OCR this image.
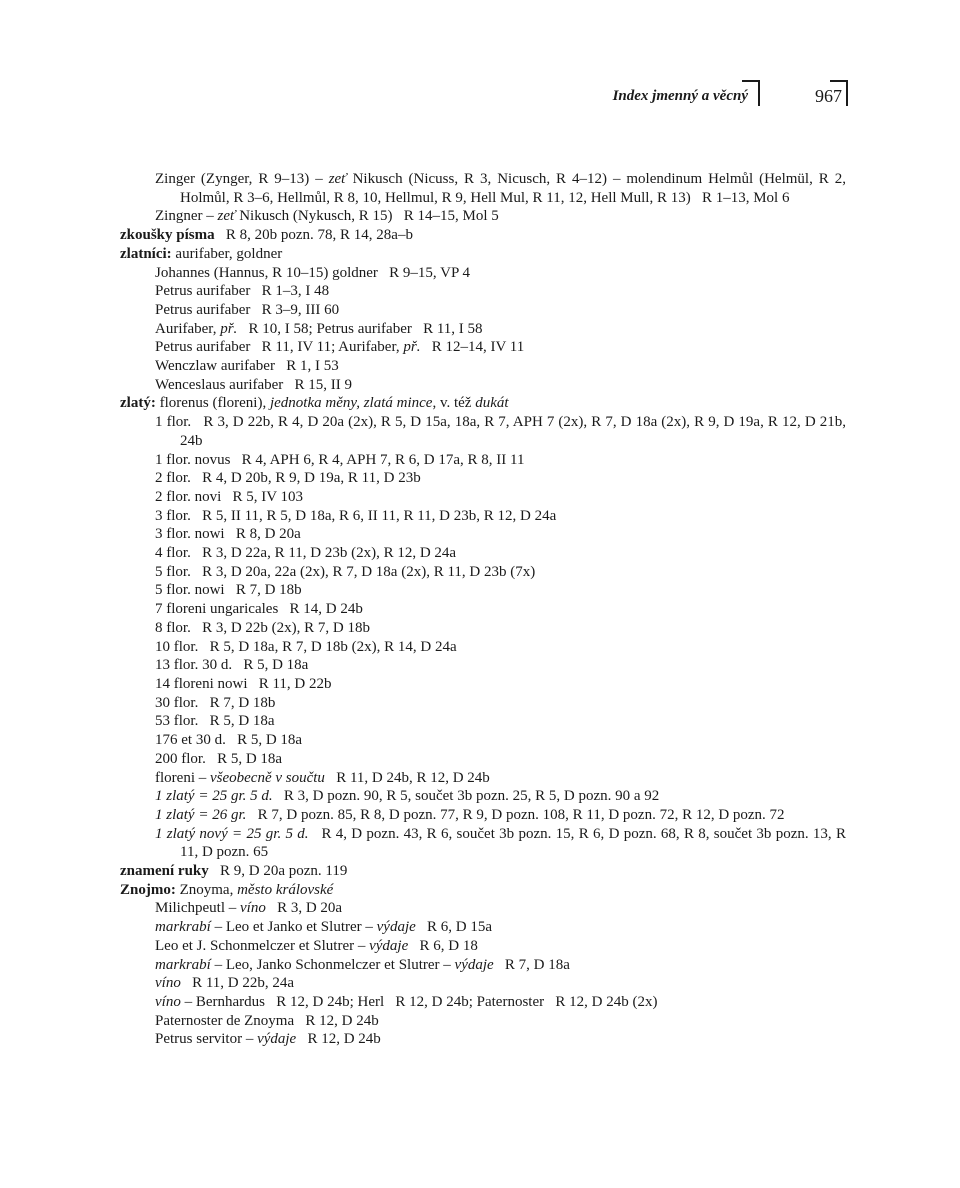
Index jmenný a věcný	967
Zinger (Zynger, R 9–13) – zeť Nikusch (Nicuss, R 3, Nicusch, R 4–12) – molendinum Helmůl (Helmül, R 2, Holmůl, R 3–6, Hellmůl, R 8, 10, Hellmul, R 9, Hell Mul, R 11, 12, Hell Mull, R 13)   R 1–13, Mol 6
Zingner – zeť Nikusch (Nykusch, R 15)   R 14–15, Mol 5
zkoušky písma   R 8, 20b pozn. 78, R 14, 28a–b
zlatníci: aurifaber, goldner
Johannes (Hannus, R 10–15) goldner   R 9–15, VP 4
Petrus aurifaber   R 1–3, I 48
Petrus aurifaber   R 3–9, III 60
Aurifaber, př.   R 10, I 58; Petrus aurifaber   R 11, I 58
Petrus aurifaber   R 11, IV 11; Aurifaber, př.   R 12–14, IV 11
Wenczlaw aurifaber   R 1, I 53
Wenceslaus aurifaber   R 15, II 9
zlatý: florenus (floreni), jednotka měny, zlatá mince, v. též dukát
1 flor.   R 3, D 22b, R 4, D 20a (2x), R 5, D 15a, 18a, R 7, APH 7 (2x), R 7, D 18a (2x), R 9, D 19a, R 12, D 21b, 24b
1 flor. novus   R 4, APH 6, R 4, APH 7, R 6, D 17a, R 8, II 11
2 flor.   R 4, D 20b, R 9, D 19a, R 11, D 23b
2 flor. novi   R 5, IV 103
3 flor.   R 5, II 11, R 5, D 18a, R 6, II 11, R 11, D 23b, R 12, D 24a
3 flor. nowi   R 8, D 20a
4 flor.   R 3, D 22a, R 11, D 23b (2x), R 12, D 24a
5 flor.   R 3, D 20a, 22a (2x), R 7, D 18a (2x), R 11, D 23b (7x)
5 flor. nowi   R 7, D 18b
7 floreni ungaricales   R 14, D 24b
8 flor.   R 3, D 22b (2x), R 7, D 18b
10 flor.   R 5, D 18a, R 7, D 18b (2x), R 14, D 24a
13 flor. 30 d.   R 5, D 18a
14 floreni nowi   R 11, D 22b
30 flor.   R 7, D 18b
53 flor.   R 5, D 18a
176 et 30 d.   R 5, D 18a
200 flor.   R 5, D 18a
floreni – všeobecně v součtu   R 11, D 24b, R 12, D 24b
1 zlatý = 25 gr. 5 d.   R 3, D pozn. 90, R 5, součet 3b pozn. 25, R 5, D pozn. 90 a 92
1 zlatý = 26 gr.   R 7, D pozn. 85, R 8, D pozn. 77, R 9, D pozn. 108, R 11, D pozn. 72, R 12, D pozn. 72
1 zlatý nový = 25 gr. 5 d.   R 4, D pozn. 43, R 6, součet 3b pozn. 15, R 6, D pozn. 68, R 8, součet 3b pozn. 13, R 11, D pozn. 65
znamení ruky   R 9, D 20a pozn. 119
Znojmo: Znoyma, město královské
Milichpeutl – víno   R 3, D 20a
markrabí – Leo et Janko et Slutrer – výdaje   R 6, D 15a
Leo et J. Schonmelczer et Slutrer – výdaje   R 6, D 18
markrabí – Leo, Janko Schonmelczer et Slutrer – výdaje   R 7, D 18a
víno   R 11, D 22b, 24a
víno – Bernhardus   R 12, D 24b; Herl   R 12, D 24b; Paternoster   R 12, D 24b (2x)
Paternoster de Znoyma   R 12, D 24b
Petrus servitor – výdaje   R 12, D 24b
